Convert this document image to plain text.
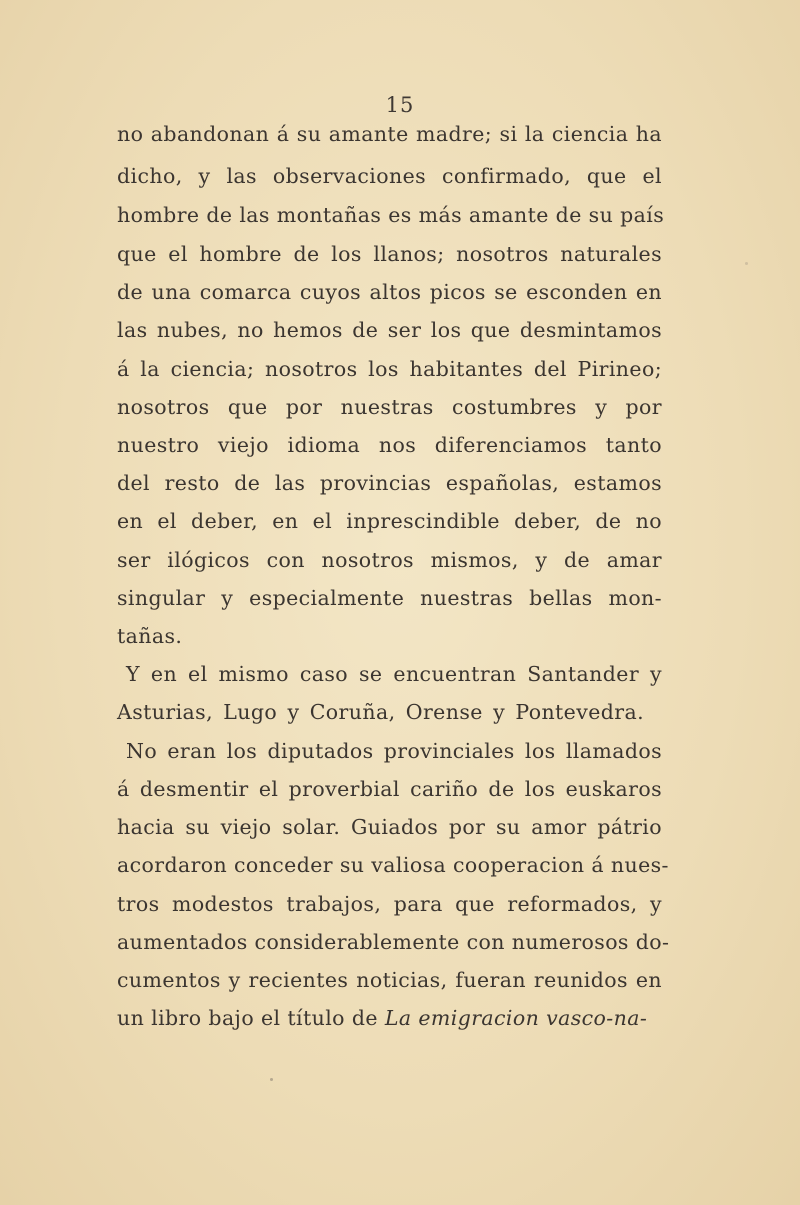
15
no abandonan á su amante madre; si la ciencia ha
dicho, y las observaciones confirmado, que el
hombre de las montañas es más amante de su país
que el hombre de los llanos; nosotros naturales
de una comarca cuyos altos picos se esconden en
las nubes, no hemos de ser los que desmintamos
á la ciencia; nosotros los habitantes del Pirineo;
nosotros que por nuestras costumbres y por
nuestro viejo idioma nos diferenciamos tanto
del resto de las provincias españolas, estamos
en el deber, en el inprescindible deber, de no
ser ilógicos con nosotros mismos, y de amar
singular y especialmente nuestras bellas mon-
tañas.
Y en el mismo caso se encuentran Santander y
Asturias, Lugo y Coruña, Orense y Pontevedra.
No eran los diputados provinciales los llamados
á desmentir el proverbial cariño de los euskaros
hacia su viejo solar. Guiados por su amor pátrio
acordaron conceder su valiosa cooperacion á nues-
tros modestos trabajos, para que reformados, y
aumentados considerablemente con numerosos do-
cumentos y recientes noticias, fueran reunidos en
un libro bajo el título de La emigracion vasco-na-
